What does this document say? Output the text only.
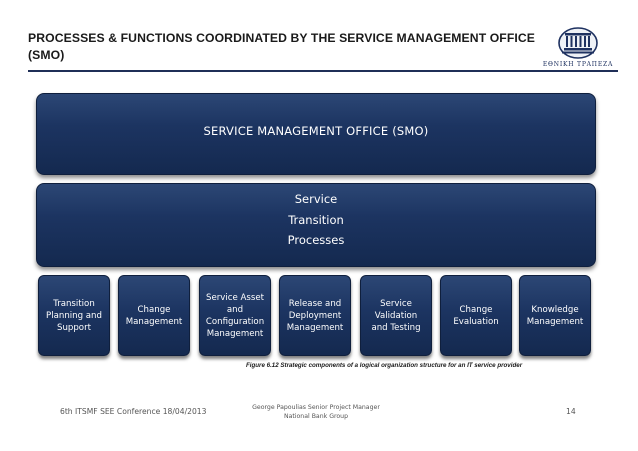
PROCESSES & FUNCTIONS COORDINATED BY THE SERVICE MANAGEMENT OFFICE (SMO)
ΕΘΝΙΚΗ ΤΡΑΠΕΖΑ
SERVICE MANAGEMENT OFFICE (SMO)
Service
Transition
Processes
Transition
Planning and
Support
Change
Management
Service Asset
and
Configuration
Management
Release and
Deployment
Management
Service
Validation
and Testing
Change
Evaluation
Knowledge
Management
Figure 6.12 Strategic components of a logical organization structure for an IT service provider
6th ITSMF SEE Conference 18/04/2013	George Papoulias Senior Project Manager
National Bank Group
14
